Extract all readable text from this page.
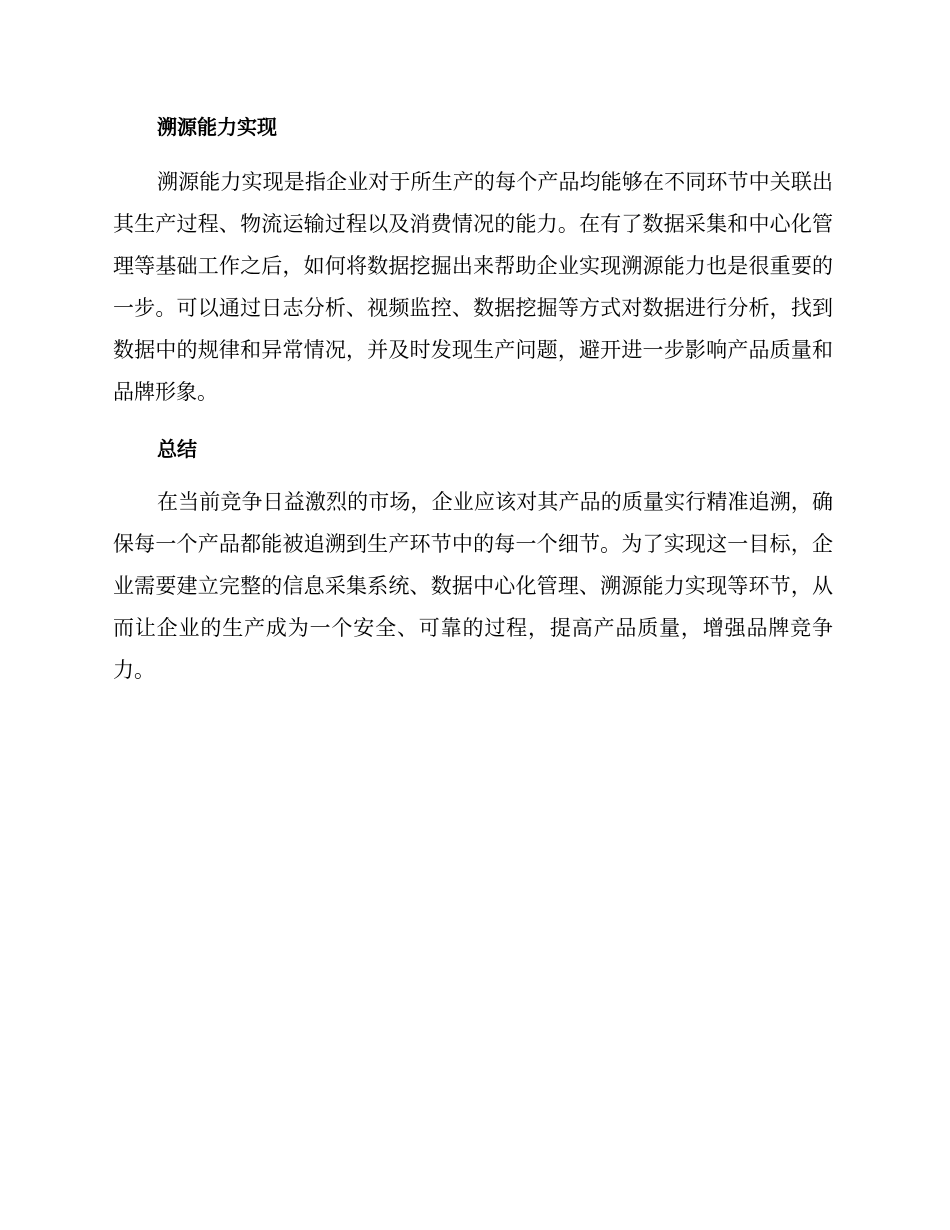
溯源能力实现

溯源能力实现是指企业对于所生产的每个产品均能够在不同环节中关联出其生产过程、物流运输过程以及消费情况的能力。在有了数据采集和中心化管理等基础工作之后，如何将数据挖掘出来帮助企业实现溯源能力也是很重要的一步。可以通过日志分析、视频监控、数据挖掘等方式对数据进行分析，找到数据中的规律和异常情况，并及时发现生产问题，避开进一步影响产品质量和品牌形象。

总结

在当前竞争日益激烈的市场，企业应该对其产品的质量实行精准追溯，确保每一个产品都能被追溯到生产环节中的每一个细节。为了实现这一目标，企业需要建立完整的信息采集系统、数据中心化管理、溯源能力实现等环节，从而让企业的生产成为一个安全、可靠的过程，提高产品质量，增强品牌竞争力。
